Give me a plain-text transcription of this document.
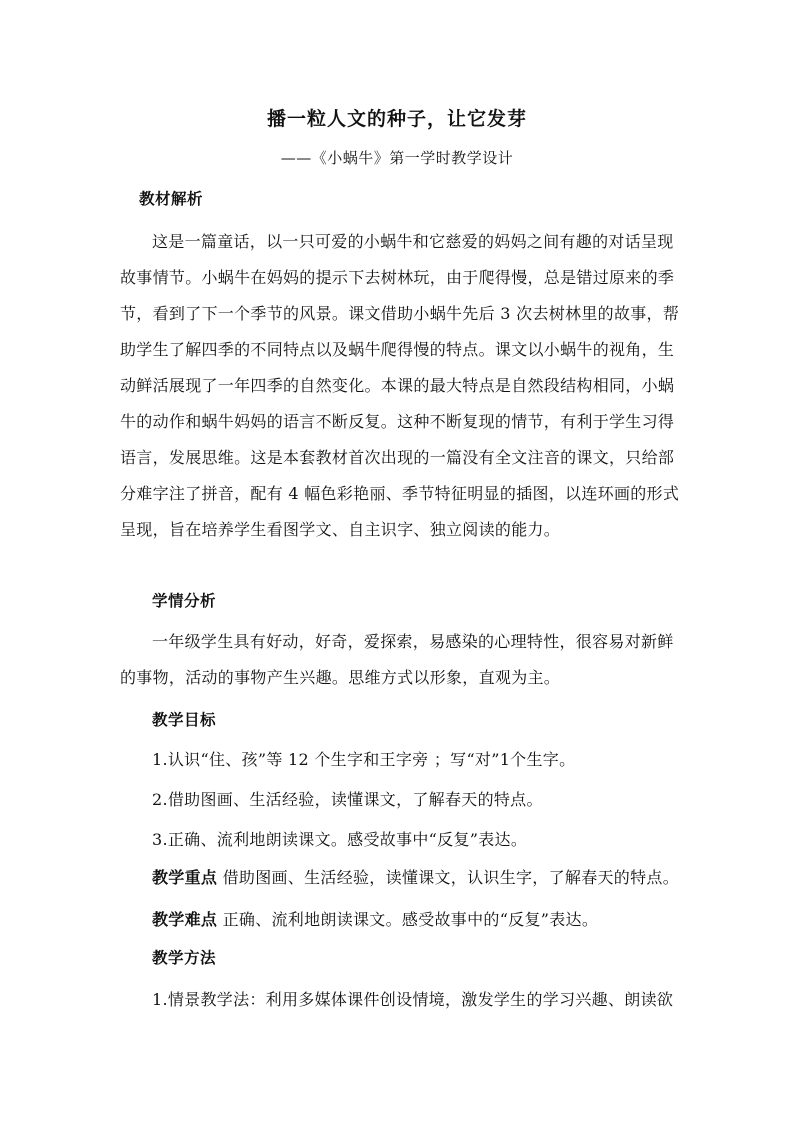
播一粒人文的种子，让它发芽
——《小蜗牛》第一学时教学设计
教材解析
这是一篇童话，以一只可爱的小蜗牛和它慈爱的妈妈之间有趣的对话呈现
故事情节。小蜗牛在妈妈的提示下去树林玩，由于爬得慢，总是错过原来的季
节，看到了下一个季节的风景。课文借助小蜗牛先后 3 次去树林里的故事，帮
助学生了解四季的不同特点以及蜗牛爬得慢的特点。课文以小蜗牛的视角，生
动鲜活展现了一年四季的自然变化。本课的最大特点是自然段结构相同，小蜗
牛的动作和蜗牛妈妈的语言不断反复。这种不断复现的情节，有利于学生习得
语言，发展思维。这是本套教材首次出现的一篇没有全文注音的课文，只给部
分难字注了拼音，配有 4 幅色彩艳丽、季节特征明显的插图，以连环画的形式
呈现，旨在培养学生看图学文、自主识字、独立阅读的能力。
学情分析
一年级学生具有好动，好奇，爱探索，易感染的心理特性，很容易对新鲜
的事物，活动的事物产生兴趣。思维方式以形象，直观为主。
教学目标
1.认识“住、孩”等 12 个生字和王字旁 ；写“对”1个生字。
2.借助图画、生活经验，读懂课文，了解春天的特点。
3.正确、流利地朗读课文。感受故事中“反复”表达。
教学重点 借助图画、生活经验，读懂课文，认识生字，了解春天的特点。
教学难点 正确、流利地朗读课文。感受故事中的“反复”表达。
教学方法
1.情景教学法：利用多媒体课件创设情境，激发学生的学习兴趣、朗读欲
